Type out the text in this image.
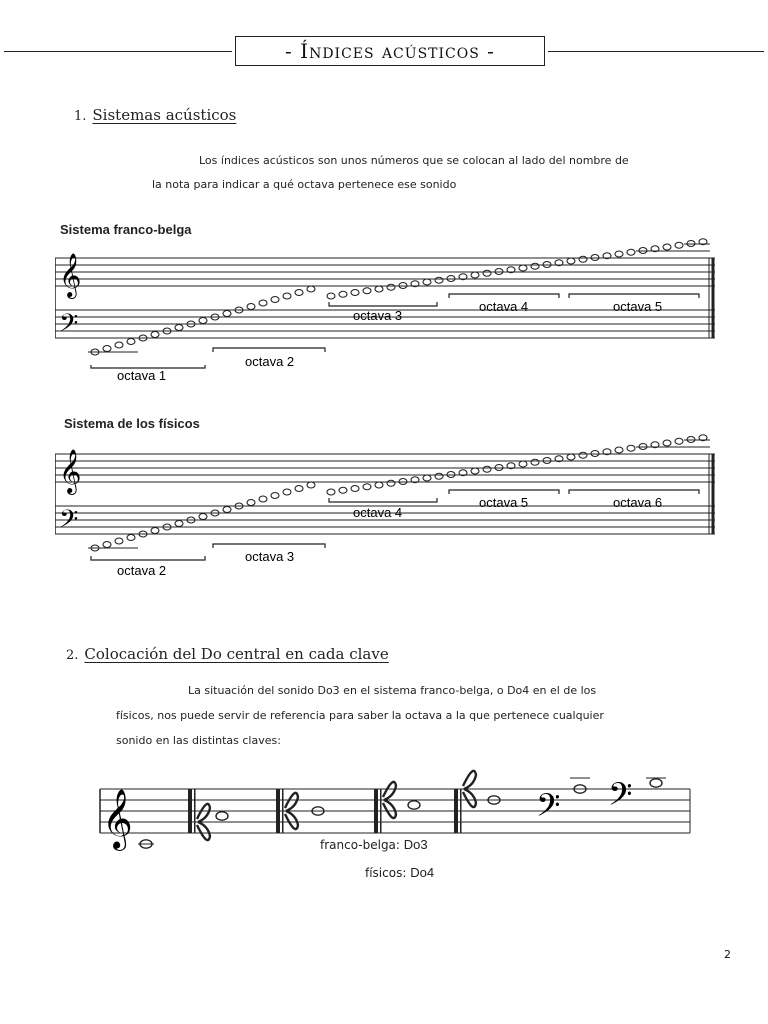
- Índices acústicos -
1. Sistemas acústicos
Los índices acústicos son unos números que se colocan al lado del nombre de
la nota para indicar a qué octava pertenece ese sonido
Sistema franco-belga
𝄞
𝄢
octava 1
octava 2
octava 3
octava 4	octava 5
Sistema de los físicos
𝄞
𝄢
octava 2
octava 3
octava 4
octava 5	octava 6
2. Colocación del Do central en cada clave
La situación del sonido Do3 en el sistema franco-belga, o Do4 en el de los
físicos, nos puede servir de referencia para saber la octava a la que pertenece cualquier
sonido en las distintas claves:
𝄞	𝄢 𝄢
franco-belga: Do3
físicos: Do4
2
